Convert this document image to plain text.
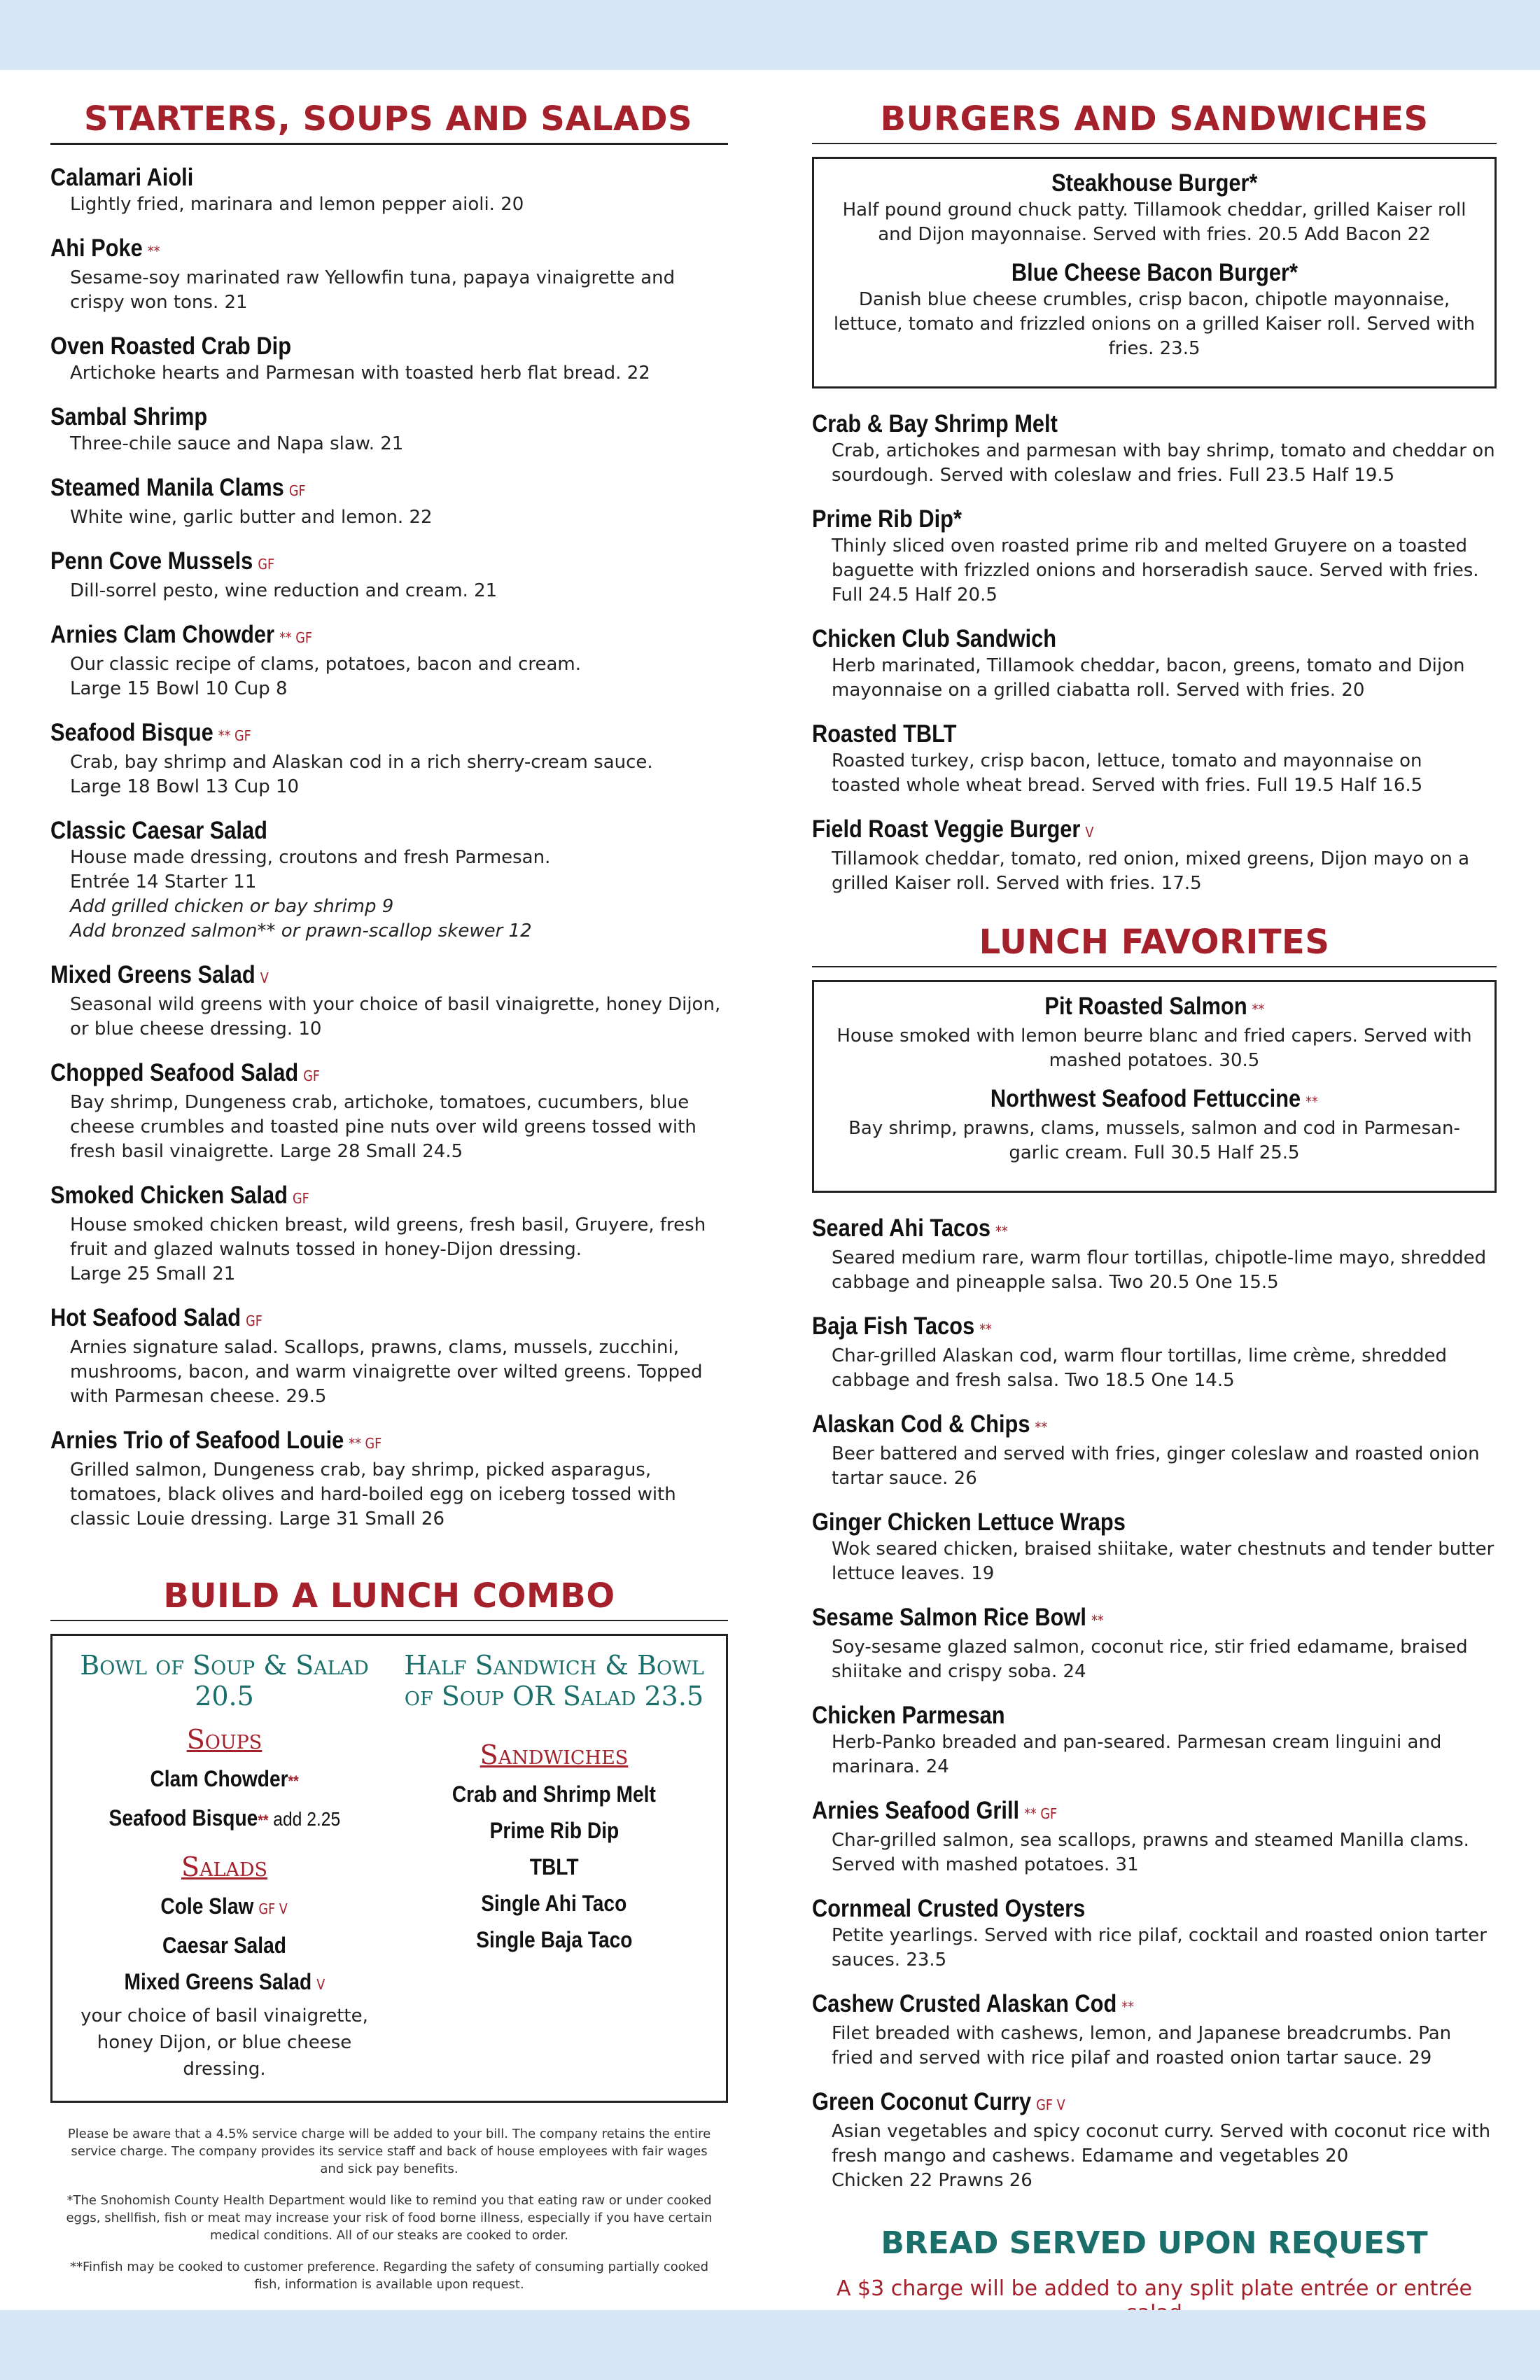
STARTERS, SOUPS AND SALADS
Calamari Aioli
Lightly fried, marinara and lemon pepper aioli. 20
Ahi Poke **
Sesame-soy marinated raw Yellowfin tuna, papaya vinaigrette and crispy won tons. 21
Oven Roasted Crab Dip
Artichoke hearts and Parmesan with toasted herb flat bread. 22
Sambal Shrimp
Three-chile sauce and Napa slaw. 21
Steamed Manila Clams GF
White wine, garlic butter and lemon. 22
Penn Cove Mussels GF
Dill-sorrel pesto, wine reduction and cream. 21
Arnies Clam Chowder ** GF
Our classic recipe of clams, potatoes, bacon and cream.
Large 15 Bowl 10 Cup 8
Seafood Bisque ** GF
Crab, bay shrimp and Alaskan cod in a rich sherry-cream sauce.
Large 18 Bowl 13 Cup 10
Classic Caesar Salad
House made dressing, croutons and fresh Parmesan.
Entrée 14 Starter 11
Add grilled chicken or bay shrimp 9
Add bronzed salmon** or prawn-scallop skewer 12
Mixed Greens Salad V
Seasonal wild greens with your choice of basil vinaigrette, honey Dijon, or blue cheese dressing. 10
Chopped Seafood Salad GF
Bay shrimp, Dungeness crab, artichoke, tomatoes, cucumbers, blue cheese crumbles and toasted pine nuts over wild greens tossed with fresh basil vinaigrette. Large 28 Small 24.5
Smoked Chicken Salad GF
House smoked chicken breast, wild greens, fresh basil, Gruyere, fresh fruit and glazed walnuts tossed in honey-Dijon dressing.
Large 25 Small 21
Hot Seafood Salad GF
Arnies signature salad. Scallops, prawns, clams, mussels, zucchini, mushrooms, bacon, and warm vinaigrette over wilted greens. Topped with Parmesan cheese. 29.5
Arnies Trio of Seafood Louie ** GF
Grilled salmon, Dungeness crab, bay shrimp, picked asparagus, tomatoes, black olives and hard-boiled egg on iceberg tossed with classic Louie dressing. Large 31 Small 26
BUILD A LUNCH COMBO
Bowl of Soup & Salad 20.5
Soups
Clam Chowder**
Seafood Bisque** add 2.25
Salads
Cole Slaw GF V
Caesar Salad
Mixed Greens Salad V
your choice of basil vinaigrette, honey Dijon, or blue cheese dressing.
Half Sandwich & Bowl of Soup OR Salad 23.5
Sandwiches
Crab and Shrimp Melt
Prime Rib Dip
TBLT
Single Ahi Taco
Single Baja Taco

Please be aware that a 4.5% service charge will be added to your bill. The company retains the entire service charge. The company provides its service staff and back of house employees with fair wages and sick pay benefits.

*The Snohomish County Health Department would like to remind you that eating raw or under cooked eggs, shellfish, fish or meat may increase your risk of food borne illness, especially if you have certain medical conditions. All of our steaks are cooked to order.

**Finfish may be cooked to customer preference. Regarding the safety of consuming partially cooked fish, information is available upon request.

BURGERS AND SANDWICHES
Steakhouse Burger*
Half pound ground chuck patty. Tillamook cheddar, grilled Kaiser roll and Dijon mayonnaise. Served with fries. 20.5 Add Bacon 22
Blue Cheese Bacon Burger*
Danish blue cheese crumbles, crisp bacon, chipotle mayonnaise, lettuce, tomato and frizzled onions on a grilled Kaiser roll. Served with fries. 23.5
Crab & Bay Shrimp Melt
Crab, artichokes and parmesan with bay shrimp, tomato and cheddar on sourdough. Served with coleslaw and fries. Full 23.5 Half 19.5
Prime Rib Dip*
Thinly sliced oven roasted prime rib and melted Gruyere on a toasted baguette with frizzled onions and horseradish sauce. Served with fries. Full 24.5 Half 20.5
Chicken Club Sandwich
Herb marinated, Tillamook cheddar, bacon, greens, tomato and Dijon mayonnaise on a grilled ciabatta roll. Served with fries. 20
Roasted TBLT
Roasted turkey, crisp bacon, lettuce, tomato and mayonnaise on toasted whole wheat bread. Served with fries. Full 19.5 Half 16.5
Field Roast Veggie Burger V
Tillamook cheddar, tomato, red onion, mixed greens, Dijon mayo on a grilled Kaiser roll. Served with fries. 17.5
LUNCH FAVORITES
Pit Roasted Salmon **
House smoked with lemon beurre blanc and fried capers. Served with mashed potatoes. 30.5
Northwest Seafood Fettuccine **
Bay shrimp, prawns, clams, mussels, salmon and cod in Parmesan-garlic cream. Full 30.5 Half 25.5
Seared Ahi Tacos **
Seared medium rare, warm flour tortillas, chipotle-lime mayo, shredded cabbage and pineapple salsa. Two 20.5 One 15.5
Baja Fish Tacos **
Char-grilled Alaskan cod, warm flour tortillas, lime crème, shredded cabbage and fresh salsa. Two 18.5 One 14.5
Alaskan Cod & Chips **
Beer battered and served with fries, ginger coleslaw and roasted onion tartar sauce. 26
Ginger Chicken Lettuce Wraps
Wok seared chicken, braised shiitake, water chestnuts and tender butter lettuce leaves. 19
Sesame Salmon Rice Bowl **
Soy-sesame glazed salmon, coconut rice, stir fried edamame, braised shiitake and crispy soba. 24
Chicken Parmesan
Herb-Panko breaded and pan-seared. Parmesan cream linguini and marinara. 24
Arnies Seafood Grill ** GF
Char-grilled salmon, sea scallops, prawns and steamed Manilla clams. Served with mashed potatoes. 31
Cornmeal Crusted Oysters
Petite yearlings. Served with rice pilaf, cocktail and roasted onion tarter sauces. 23.5
Cashew Crusted Alaskan Cod **
Filet breaded with cashews, lemon, and Japanese breadcrumbs. Pan fried and served with rice pilaf and roasted onion tartar sauce. 29
Green Coconut Curry GF V
Asian vegetables and spicy coconut curry. Served with coconut rice with fresh mango and cashews. Edamame and vegetables 20
Chicken 22 Prawns 26
BREAD SERVED UPON REQUEST
A $3 charge will be added to any split plate entrée or entrée
